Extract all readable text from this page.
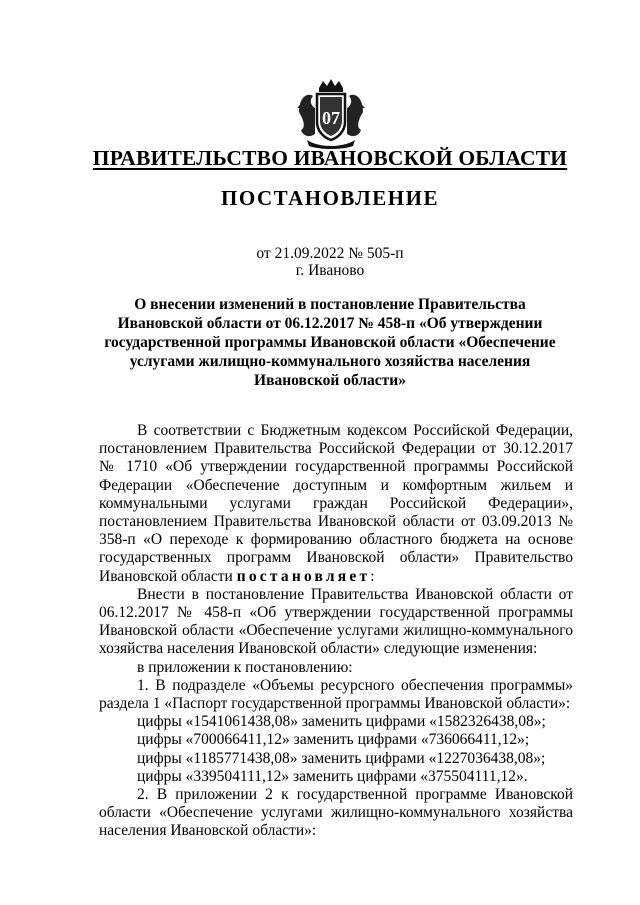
07
ПРАВИТЕЛЬСТВО ИВАНОВСКОЙ ОБЛАСТИ
ПОСТАНОВЛЕНИЕ
от 21.09.2022 № 505-п
г. Иваново
О внесении изменений в постановление Правительства
Ивановской области от 06.12.2017 № 458-п «Об утверждении
государственной программы Ивановской области «Обеспечение
услугами жилищно-коммунального хозяйства населения
Ивановской области»

В соответствии с Бюджетным кодексом Российской Федерации, постановлением Правительства Российской Федерации от 30.12.2017 № 1710 «Об утверждении государственной программы Российской Федерации «Обеспечение доступным и комфортным жильем и коммунальными услугами граждан Российской Федерации», постановлением Правительства Ивановской области от 03.09.2013 № 358-п «О переходе к формированию областного бюджета на основе государственных программ Ивановской области» Правительство Ивановской области постановляет:

Внести в постановление Правительства Ивановской области от 06.12.2017 № 458-п «Об утверждении государственной программы Ивановской области «Обеспечение услугами жилищно-коммунального хозяйства населения Ивановской области» следующие изменения:

в приложении к постановлению:

1. В подразделе «Объемы ресурсного обеспечения программы» раздела 1 «Паспорт государственной программы Ивановской области»:

цифры «1541061438,08» заменить цифрами «1582326438,08»;

цифры «700066411,12» заменить цифрами «736066411,12»;

цифры «1185771438,08» заменить цифрами «1227036438,08»;

цифры «339504111,12» заменить цифрами «375504111,12».

2. В приложении 2 к государственной программе Ивановской области «Обеспечение услугами жилищно-коммунального хозяйства населения Ивановской области»:
